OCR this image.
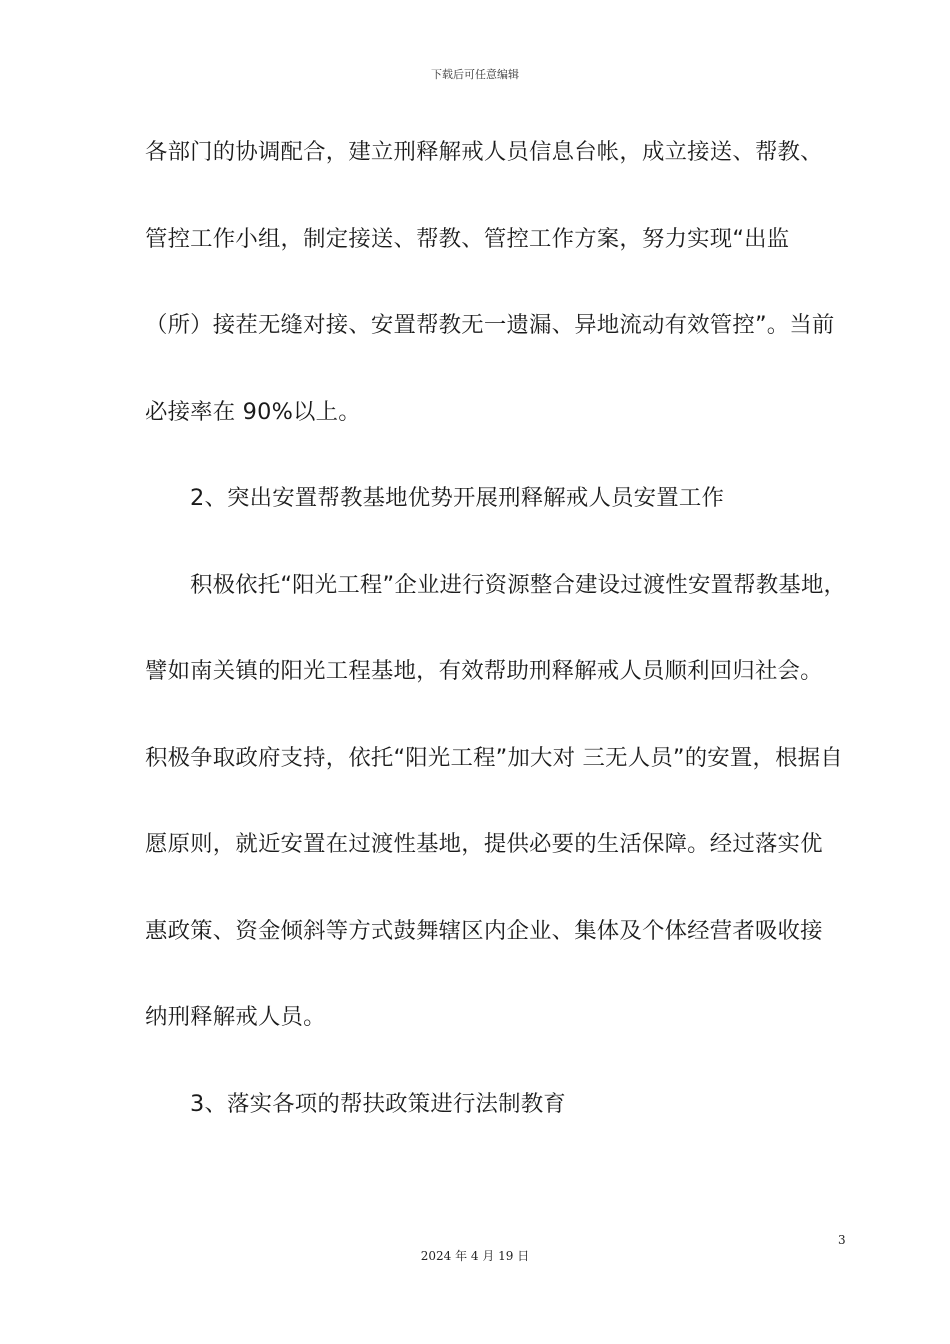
下载后可任意编辑
各部门的协调配合，建立刑释解戒人员信息台帐，成立接送、帮教、
管控工作小组，制定接送、帮教、管控工作方案，努力实现“出监
（所）接茬无缝对接、安置帮教无一遗漏、异地流动有效管控”。当前
必接率在 90%以上。
2、突出安置帮教基地优势开展刑释解戒人员安置工作
积极依托“阳光工程”企业进行资源整合建设过渡性安置帮教基地，
譬如南关镇的阳光工程基地，有效帮助刑释解戒人员顺利回归社会。
积极争取政府支持，依托“阳光工程”加大对 三无人员”的安置，根据自
愿原则，就近安置在过渡性基地，提供必要的生活保障。经过落实优
惠政策、资金倾斜等方式鼓舞辖区内企业、集体及个体经营者吸收接
纳刑释解戒人员。
3、落实各项的帮扶政策进行法制教育
3
2024 年 4 月 19 日
